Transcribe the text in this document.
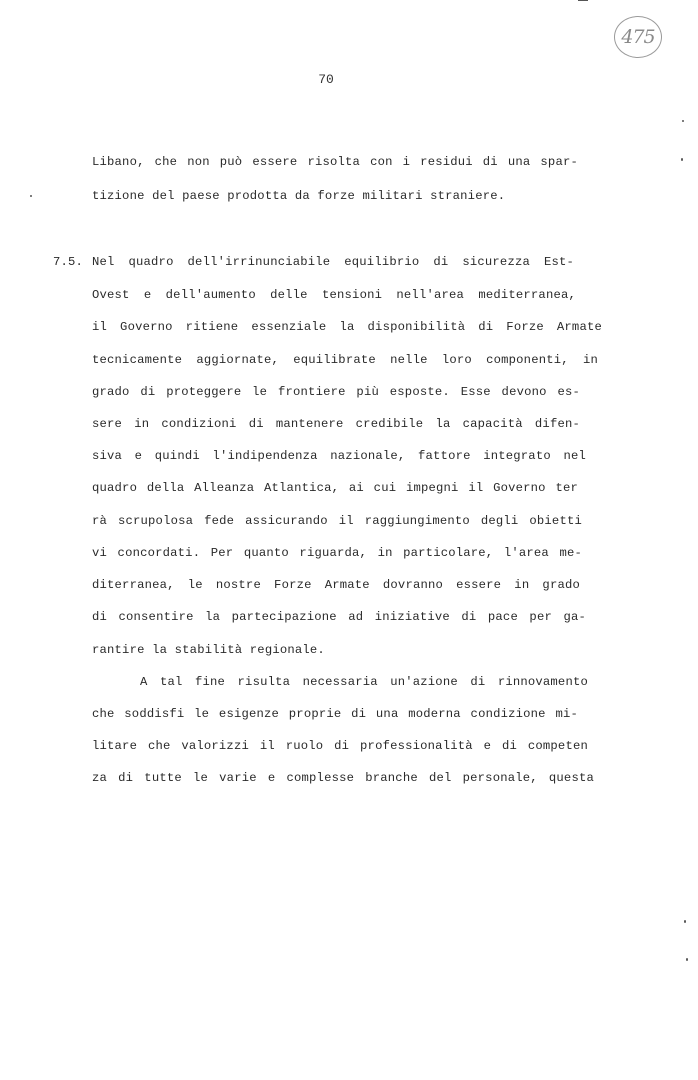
475
70
Libano, che non può essere risolta con i residui di una spar-
tizione del paese prodotta da forze militari straniere.
7.5. Nel quadro dell'irrinunciabile equilibrio di sicurezza Est-
Ovest e dell'aumento delle tensioni nell'area mediterranea,
il Governo ritiene essenziale la disponibilità di Forze Armate
tecnicamente aggiornate, equilibrate nelle loro componenti, in
grado di proteggere le frontiere più esposte. Esse devono es-
sere in condizioni di mantenere credibile la capacità difen-
siva e quindi l'indipendenza nazionale, fattore integrato nel
quadro della Alleanza Atlantica, ai cui impegni il Governo ter
rà scrupolosa fede assicurando il raggiungimento degli obietti
vi concordati. Per quanto riguarda, in particolare, l'area me-
diterranea, le nostre Forze Armate dovranno essere in grado
di consentire la partecipazione ad iniziative di pace per ga-
rantire la stabilità regionale.
A tal fine risulta necessaria un'azione di rinnovamento
che soddisfi le esigenze proprie di una moderna condizione mi-
litare che valorizzi il ruolo di professionalità e di competen
za di tutte le varie e complesse branche del personale, questa
